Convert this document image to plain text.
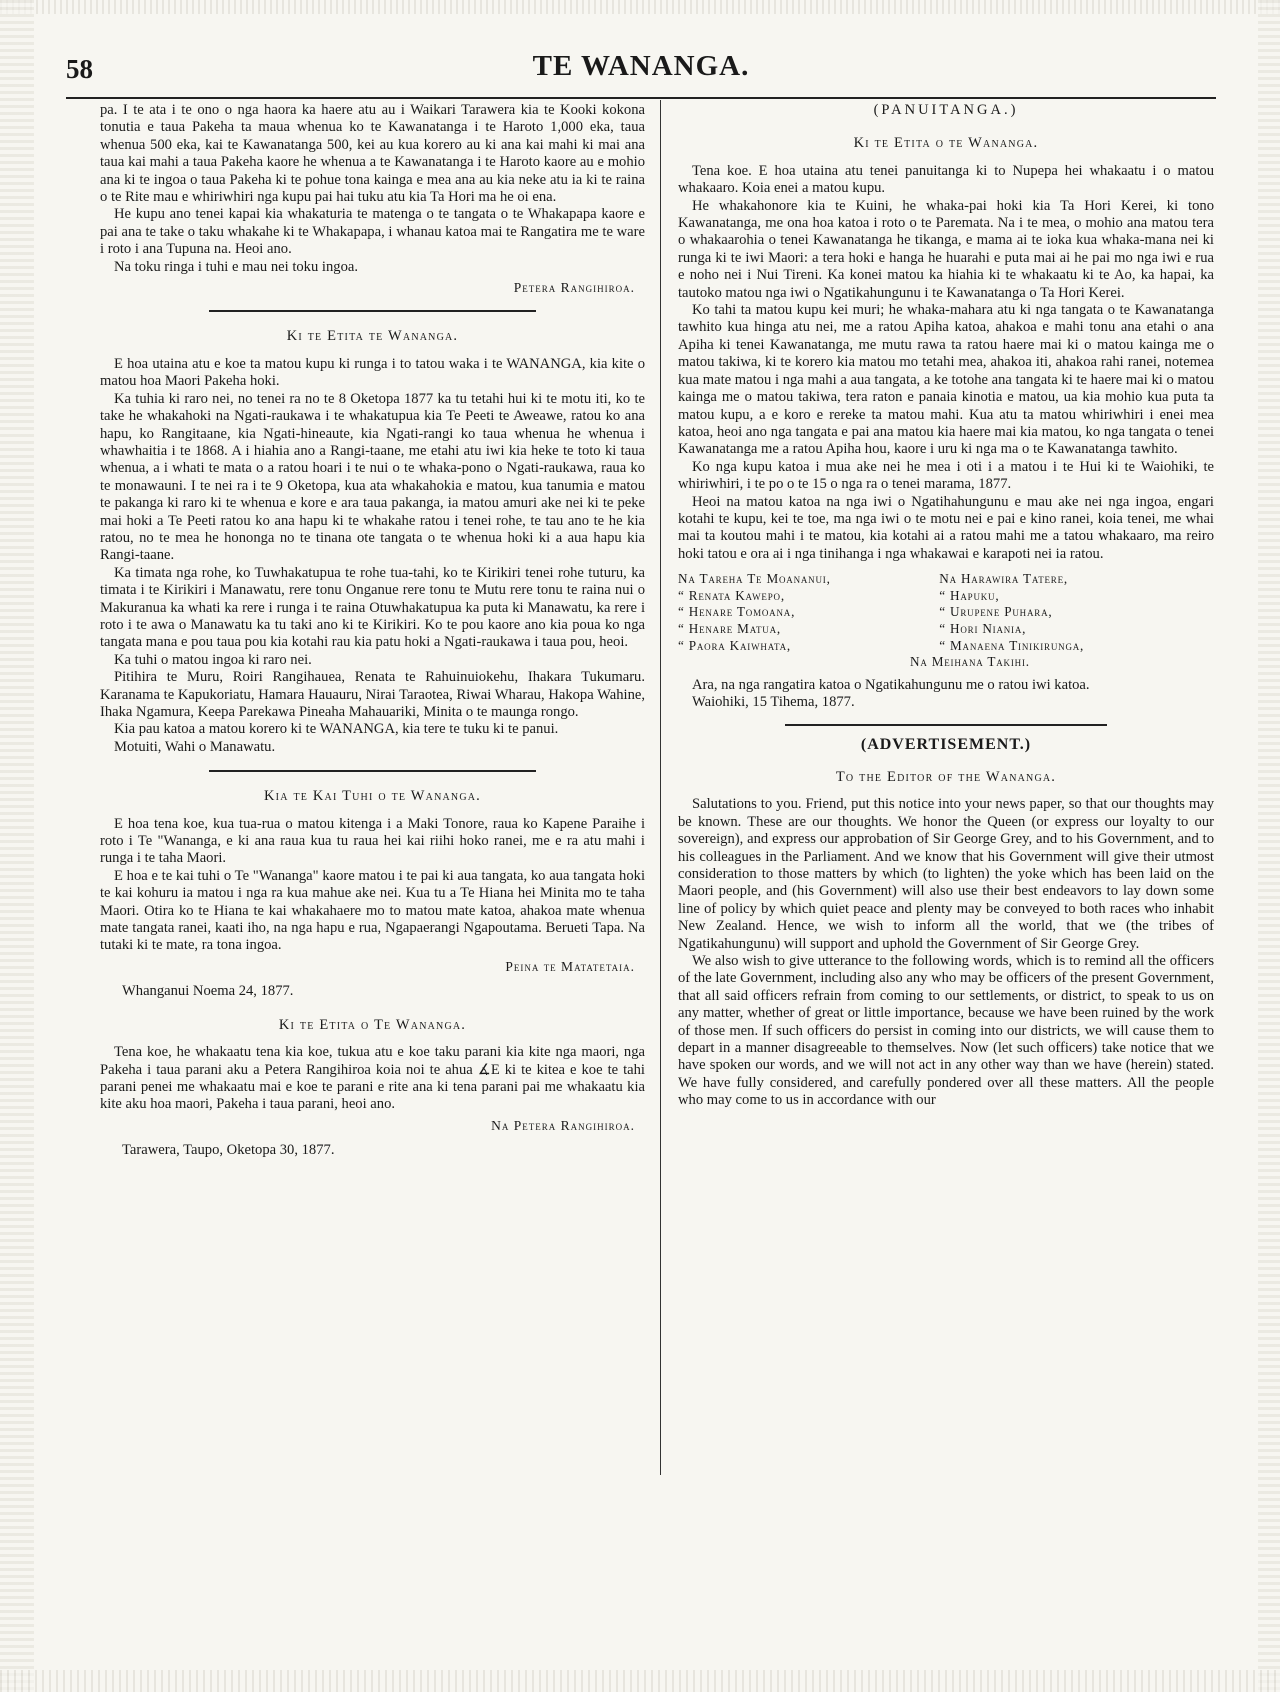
TE WANANGA.
58

pa. I te ata i te ono o nga haora ka haere atu au i Waikari Tarawera kia te Kooki kokona tonutia e taua Pakeha ta maua whenua ko te Kawanatanga i te Haroto 1,000 eka, taua whenua 500 eka, kai te Kawanatanga 500, kei au kua korero au ki ana kai mahi ki mai ana taua kai mahi a taua Pakeha kaore he whenua a te Kawanatanga i te Haroto kaore au e mohio ana ki te ingoa o taua Pakeha ki te pohue tona kainga e mea ana au kia neke atu ia ki te raina o te Rite mau e whiriwhiri nga kupu pai hai tuku atu kia Ta Hori ma he oi ena.

He kupu ano tenei kapai kia whakaturia te matenga o te tangata o te Whakapapa kaore e pai ana te take o taku whakahe ki te Whakapapa, i whanau katoa mai te Rangatira me te ware i roto i ana Tupuna na. Heoi ano.

Na toku ringa i tuhi e mau nei toku ingoa.

Petera Rangihiroa.
Ki te Etita te Wananga.

E hoa utaina atu e koe ta matou kupu ki runga i to tatou waka i te WANANGA, kia kite o matou hoa Maori Pakeha hoki.

Ka tuhia ki raro nei, no tenei ra no te 8 Oketopa 1877 ka tu tetahi hui ki te motu iti, ko te take he whakahoki na Ngati-raukawa i te whakatupua kia Te Peeti te Aweawe, ratou ko ana hapu, ko Rangitaane, kia Ngati-hineaute, kia Ngati-rangi ko taua whenua he whenua i whawhaitia i te 1868. A i hiahia ano a Rangi-taane, me etahi atu iwi kia heke te toto ki taua whenua, a i whati te mata o a ratou hoari i te nui o te whaka-pono o Ngati-raukawa, raua ko te monawauni. I te nei ra i te 9 Oketopa, kua ata whakahokia e matou, kua tanumia e matou te pakanga ki raro ki te whenua e kore e ara taua pakanga, ia matou amuri ake nei ki te peke mai hoki a Te Peeti ratou ko ana hapu ki te whakahe ratou i tenei rohe, te tau ano te he kia ratou, no te mea he hononga no te tinana ote tangata o te whenua hoki ki a aua hapu kia Rangi-taane.

Ka timata nga rohe, ko Tuwhakatupua te rohe tua-tahi, ko te Kirikiri tenei rohe tuturu, ka timata i te Kirikiri i Manawatu, rere tonu Onganue rere tonu te Mutu rere tonu te raina nui o Makuranua ka whati ka rere i runga i te raina Otuwhakatupua ka puta ki Manawatu, ka rere i roto i te awa o Manawatu ka tu taki ano ki te Kirikiri. Ko te pou kaore ano kia poua ko nga tangata mana e pou taua pou kia kotahi rau kia patu hoki a Ngati-raukawa i taua pou, heoi.

Ka tuhi o matou ingoa ki raro nei.

Pitihira te Muru, Roiri Rangihauea, Renata te Rahuinuiokehu, Ihakara Tukumaru. Karanama te Kapukoriatu, Hamara Hauauru, Nirai Taraotea, Riwai Wharau, Hakopa Wahine, Ihaka Ngamura, Keepa Parekawa Pineaha Mahauariki, Minita o te maunga rongo.

Kia pau katoa a matou korero ki te WANANGA, kia tere te tuku ki te panui.

Motuiti, Wahi o Manawatu.

Kia te Kai Tuhi o te Wananga.

E hoa tena koe, kua tua-rua o matou kitenga i a Maki Tonore, raua ko Kapene Paraihe i roto i Te "Wananga, e ki ana raua kua tu raua hei kai riihi hoko ranei, me e ra atu mahi i runga i te taha Maori.

E hoa e te kai tuhi o Te "Wananga" kaore matou i te pai ki aua tangata, ko aua tangata hoki te kai kohuru ia matou i nga ra kua mahue ake nei. Kua tu a Te Hiana hei Minita mo te taha Maori. Otira ko te Hiana te kai whakahaere mo to matou mate katoa, ahakoa mate whenua mate tangata ranei, kaati iho, na nga hapu e rua, Ngapaerangi Ngapoutama. Berueti Tapa. Na tutaki ki te mate, ra tona ingoa.

Peina te Matatetaia.
Whanganui Noema 24, 1877.
Ki te Etita o Te Wananga.

Tena koe, he whakaatu tena kia koe, tukua atu e koe taku parani kia kite nga maori, nga Pakeha i taua parani aku a Petera Rangihiroa koia noi te ahua ∡E ki te kitea e koe te tahi parani penei me whakaatu mai e koe te parani e rite ana ki tena parani pai me whakaatu kia kite aku hoa maori, Pakeha i taua parani, heoi ano.

Na Petera Rangihiroa.
Tarawera, Taupo, Oketopa 30, 1877.
(PANUITANGA.)
Ki te Etita o te Wananga.

Tena koe. E hoa utaina atu tenei panuitanga ki to Nupepa hei whakaatu i o matou whakaaro. Koia enei a matou kupu.

He whakahonore kia te Kuini, he whaka-pai hoki kia Ta Hori Kerei, ki tono Kawanatanga, me ona hoa katoa i roto o te Paremata. Na i te mea, o mohio ana matou tera o whakaarohia o tenei Kawanatanga he tikanga, e mama ai te ioka kua whaka-mana nei ki runga ki te iwi Maori: a tera hoki e hanga he huarahi e puta mai ai he pai mo nga iwi e rua e noho nei i Nui Tireni. Ka konei matou ka hiahia ki te whakaatu ki te Ao, ka hapai, ka tautoko matou nga iwi o Ngatikahungunu i te Kawanatanga o Ta Hori Kerei.

Ko tahi ta matou kupu kei muri; he whaka-mahara atu ki nga tangata o te Kawanatanga tawhito kua hinga atu nei, me a ratou Apiha katoa, ahakoa e mahi tonu ana etahi o ana Apiha ki tenei Kawanatanga, me mutu rawa ta ratou haere mai ki o matou kainga me o matou takiwa, ki te korero kia matou mo tetahi mea, ahakoa iti, ahakoa rahi ranei, notemea kua mate matou i nga mahi a aua tangata, a ke totohe ana tangata ki te haere mai ki o matou kainga me o matou takiwa, tera raton e panaia kinotia e matou, ua kia mohio kua puta ta matou kupu, a e koro e rereke ta matou mahi. Kua atu ta matou whiriwhiri i enei mea katoa, heoi ano nga tangata e pai ana matou kia haere mai kia matou, ko nga tangata o tenei Kawanatanga me a ratou Apiha hou, kaore i uru ki nga ma o te Kawanatanga tawhito.

Ko nga kupu katoa i mua ake nei he mea i oti i a matou i te Hui ki te Waiohiki, te whiriwhiri, i te po o te 15 o nga ra o tenei marama, 1877.

Heoi na matou katoa na nga iwi o Ngatihahungunu e mau ake nei nga ingoa, engari kotahi te kupu, kei te toe, ma nga iwi o te motu nei e pai e kino ranei, koia tenei, me whai mai ta koutou mahi i te matou, kia kotahi ai a ratou mahi me a tatou whakaaro, ma reiro hoki tatou e ora ai i nga tinihanga i nga whakawai e karapoti nei ia ratou.

Na Tareha Te Moananui,	Na Harawira Tatere,
“ Renata Kawepo,	“ Hapuku,
“ Henare Tomoana,	“ Urupene Puhara,
“ Henare Matua,	“ Hori Niania,
“ Paora Kaiwhata,	“ Manaena Tinikirunga,
Na Meihana Takihi.

Ara, na nga rangatira katoa o Ngatikahungunu me o ratou iwi katoa.

Waiohiki, 15 Tihema, 1877.

(ADVERTISEMENT.)
To the Editor of the Wananga.

Salutations to you. Friend, put this notice into your news paper, so that our thoughts may be known. These are our thoughts. We honor the Queen (or express our loyalty to our sovereign), and express our approbation of Sir George Grey, and to his Government, and to his colleagues in the Parliament. And we know that his Government will give their utmost consideration to those matters by which (to lighten) the yoke which has been laid on the Maori people, and (his Government) will also use their best endeavors to lay down some line of policy by which quiet peace and plenty may be conveyed to both races who inhabit New Zealand. Hence, we wish to inform all the world, that we (the tribes of Ngatikahungunu) will support and uphold the Government of Sir George Grey.

We also wish to give utterance to the following words, which is to remind all the officers of the late Government, including also any who may be officers of the present Government, that all said officers refrain from coming to our settlements, or district, to speak to us on any matter, whether of great or little importance, because we have been ruined by the work of those men. If such officers do persist in coming into our districts, we will cause them to depart in a manner disagreeable to themselves. Now (let such officers) take notice that we have spoken our words, and we will not act in any other way than we have (herein) stated. We have fully considered, and carefully pondered over all these matters. All the people who may come to us in accordance with our
